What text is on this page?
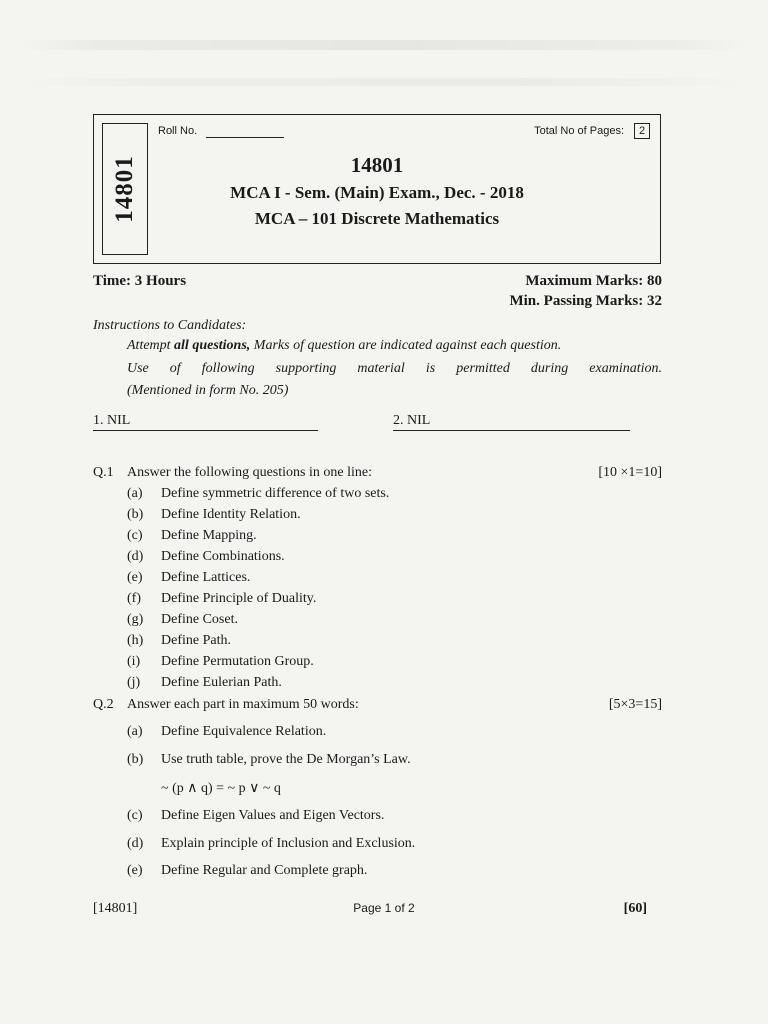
14801
Roll No.	Total No of Pages:	2
14801
MCA I - Sem. (Main) Exam., Dec. - 2018
MCA – 101 Discrete Mathematics
Time: 3 Hours	Maximum Marks: 80
Min. Passing Marks: 32
Instructions to Candidates:
Attempt all questions, Marks of question are indicated against each question.
Use of following supporting material is permitted during examination.
(Mentioned in form No. 205)
1. NIL	2. NIL
Q.1 Answer the following questions in one line:	[10 ×1=10]
(a) Define symmetric difference of two sets.
(b) Define Identity Relation.
(c) Define Mapping.
(d) Define Combinations.
(e) Define Lattices.
(f) Define Principle of Duality.
(g) Define Coset.
(h) Define Path.
(i) Define Permutation Group.
(j) Define Eulerian Path.
Q.2 Answer each part in maximum 50 words:	[5×3=15]
(a) Define Equivalence Relation.
(b) Use truth table, prove the De Morgan’s Law.
~ (p ∧ q) = ~ p ∨ ~ q
(c) Define Eigen Values and Eigen Vectors.
(d) Explain principle of Inclusion and Exclusion.
(e) Define Regular and Complete graph.
[14801]	Page 1 of 2	[60]
